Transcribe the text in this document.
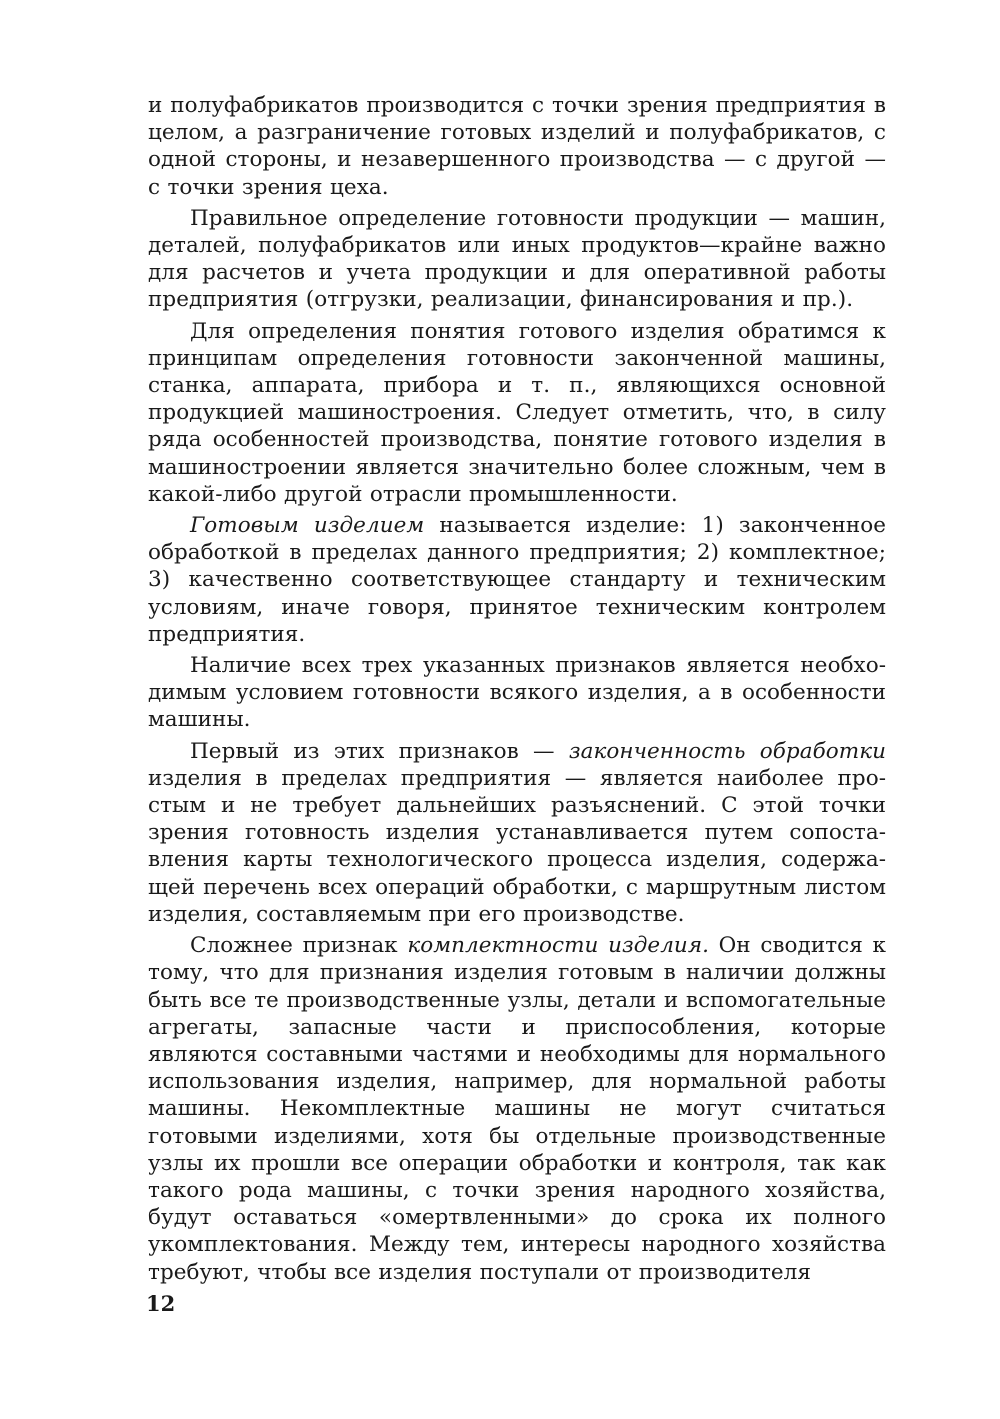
и полуфабрикатов производится с точки зрения предприятия в целом, а разграничение готовых изделий и полуфабрикатов, с одной стороны, и незавершенного производства — с другой — с точки зрения цеха.

Правильное определение готовности продукции — машин, деталей, полуфабрикатов или иных продуктов—крайне важно для расчетов и учета продукции и для оперативной работы предприятия (отгрузки, реализации, финансирования и пр.).

Для определения понятия готового изделия обратимся к принципам определения готовности законченной машины, станка, аппарата, прибора и т. п., являющихся основной продукцией машиностроения. Следует отметить, что, в силу ряда особенностей производства, понятие готового изделия в машиностроении является значительно более сложным, чем в какой-либо другой отрасли промышленности.

Готовым изделием называется изделие: 1) законченное обработкой в пределах данного предприятия; 2) комплектное; 3) качественно соответствующее стандарту и техническим условиям, иначе говоря, принятое техническим контролем предприятия.

Наличие всех трех указанных признаков является необходимым условием готовности всякого изделия, а в особенности машины.

Первый из этих признаков — законченность обработки изделия в пределах предприятия — является наиболее простым и не требует дальнейших разъяснений. С этой точки зрения готовность изделия устанавливается путем сопоставления карты технологического процесса изделия, содержащей перечень всех операций обработки, с маршрутным листом изделия, составляемым при его производстве.

Сложнее признак комплектности изделия. Он сводится к тому, что для признания изделия готовым в наличии должны быть все те производственные узлы, детали и вспомогательные агрегаты, запасные части и приспособления, которые являются составными частями и необходимы для нормального использования изделия, например, для нормальной работы машины. Некомплектные машины не могут считаться готовыми изделиями, хотя бы отдельные производственные узлы их прошли все операции обработки и контроля, так как такого рода машины, с точки зрения народного хозяйства, будут оставаться «омертвленными» до срока их полного укомплектования. Между тем, интересы народного хозяйства требуют, чтобы все изделия поступали от производителя

12
